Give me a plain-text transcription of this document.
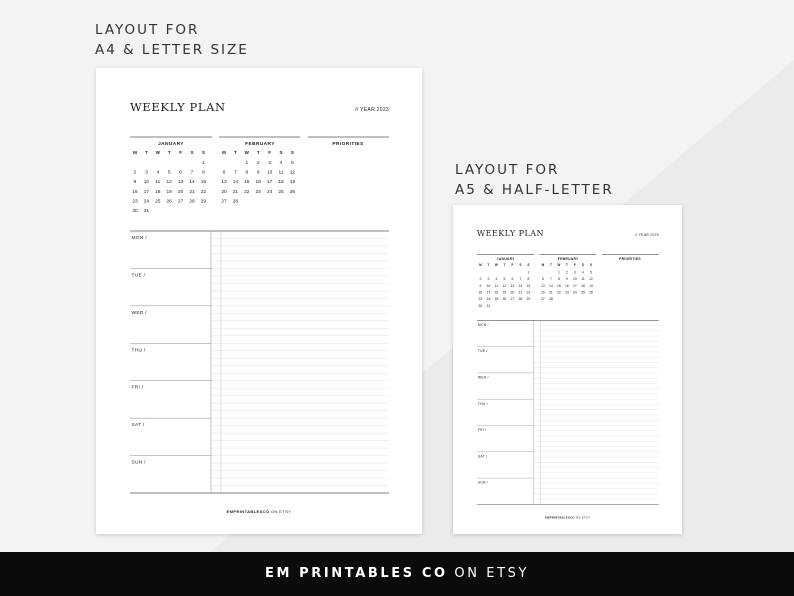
LAYOUT FOR
A4 & LETTER SIZE
LAYOUT FOR
A5 & HALF-LETTER
WEEKLY PLAN	// YEAR 2023
PRIORITIES
JANUARY
M T W T F S S
1
2 3 4 5 6 7 8
9 10 11 12 13 14 15
16 17 18 19 20 21 22
23 24 25 26 27 28 29
30 31
FEBRUARY
M T W T F S S
1 2 3 4 5
6 7 8 9 10 11 12
13 14 15 16 17 18 19
20 21 22 23 24 25 26
27 28
MON /
TUE /
WED /
THU /
FRI /
SAT /
SUN /
EMPRINTABLESCO ON ETSY
WEEKLY PLAN	// YEAR 2023
PRIORITIES
JANUARY
M T W T F S S
1
2 3 4 5 6 7 8
9 10 11 12 13 14 15
16 17 18 19 20 21 22
23 24 25 26 27 28 29
30 31
FEBRUARY
M T W T F S S
1 2 3 4 5
6 7 8 9 10 11 12
13 14 15 16 17 18 19
20 21 22 23 24 25 26
27 28
MON /
TUE /
WED /
THU /
FRI /
SAT /
SUN /
EMPRINTABLESCO ON ETSY
EM PRINTABLES CO ON ETSY
